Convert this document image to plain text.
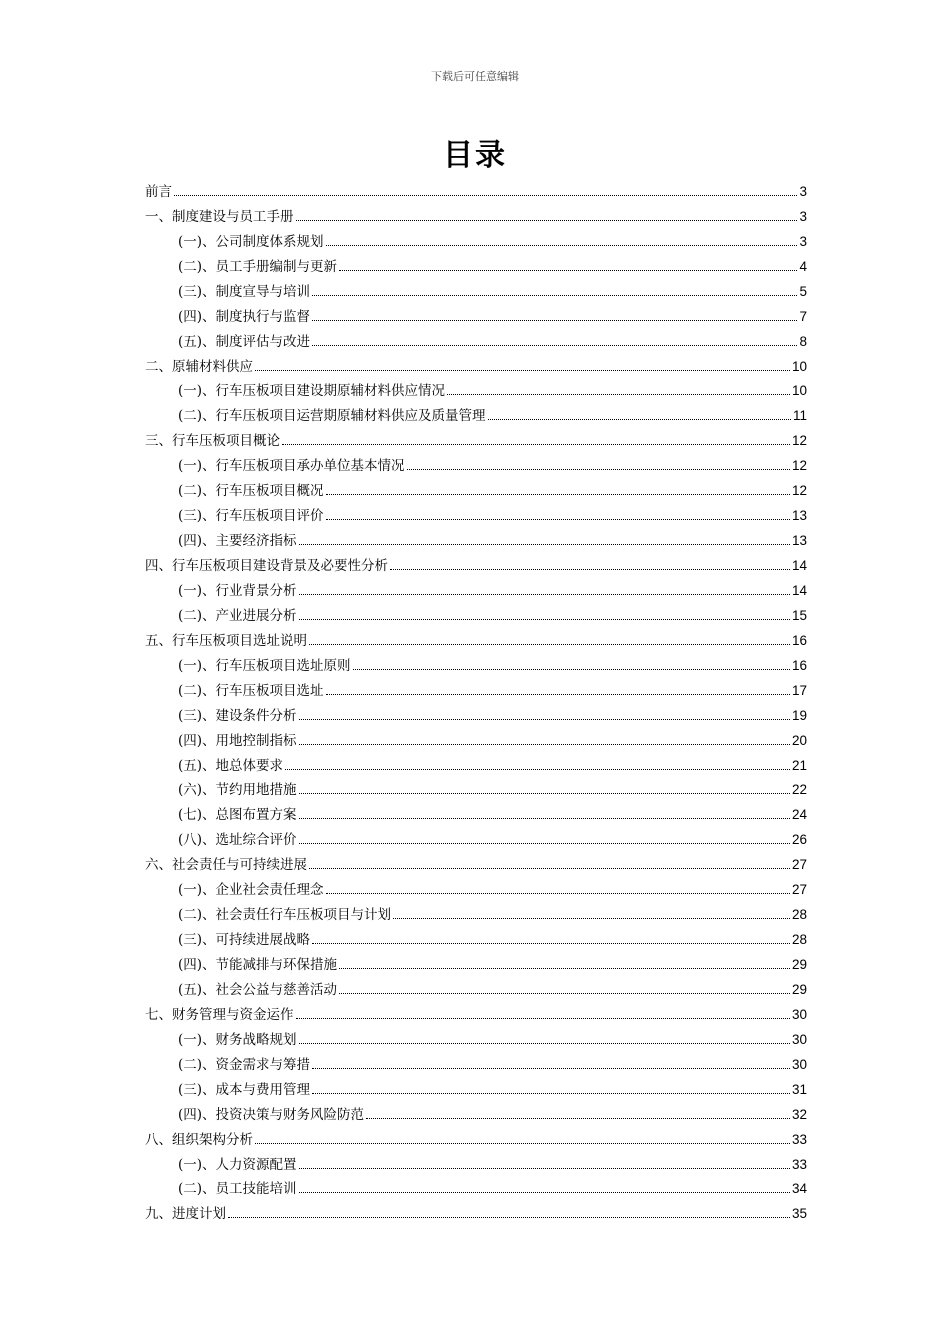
下载后可任意编辑
目录
前言	3
一、制度建设与员工手册	3
(一)、公司制度体系规划	3
(二)、员工手册编制与更新	4
(三)、制度宣导与培训	5
(四)、制度执行与监督	7
(五)、制度评估与改进	8
二、原辅材料供应	10
(一)、行车压板项目建设期原辅材料供应情况	10
(二)、行车压板项目运营期原辅材料供应及质量管理	11
三、行车压板项目概论	12
(一)、行车压板项目承办单位基本情况	12
(二)、行车压板项目概况	12
(三)、行车压板项目评价	13
(四)、主要经济指标	13
四、行车压板项目建设背景及必要性分析	14
(一)、行业背景分析	14
(二)、产业进展分析	15
五、行车压板项目选址说明	16
(一)、行车压板项目选址原则	16
(二)、行车压板项目选址	17
(三)、建设条件分析	19
(四)、用地控制指标	20
(五)、地总体要求	21
(六)、节约用地措施	22
(七)、总图布置方案	24
(八)、选址综合评价	26
六、社会责任与可持续进展	27
(一)、企业社会责任理念	27
(二)、社会责任行车压板项目与计划	28
(三)、可持续进展战略	28
(四)、节能减排与环保措施	29
(五)、社会公益与慈善活动	29
七、财务管理与资金运作	30
(一)、财务战略规划	30
(二)、资金需求与筹措	30
(三)、成本与费用管理	31
(四)、投资决策与财务风险防范	32
八、组织架构分析	33
(一)、人力资源配置	33
(二)、员工技能培训	34
九、进度计划	35
